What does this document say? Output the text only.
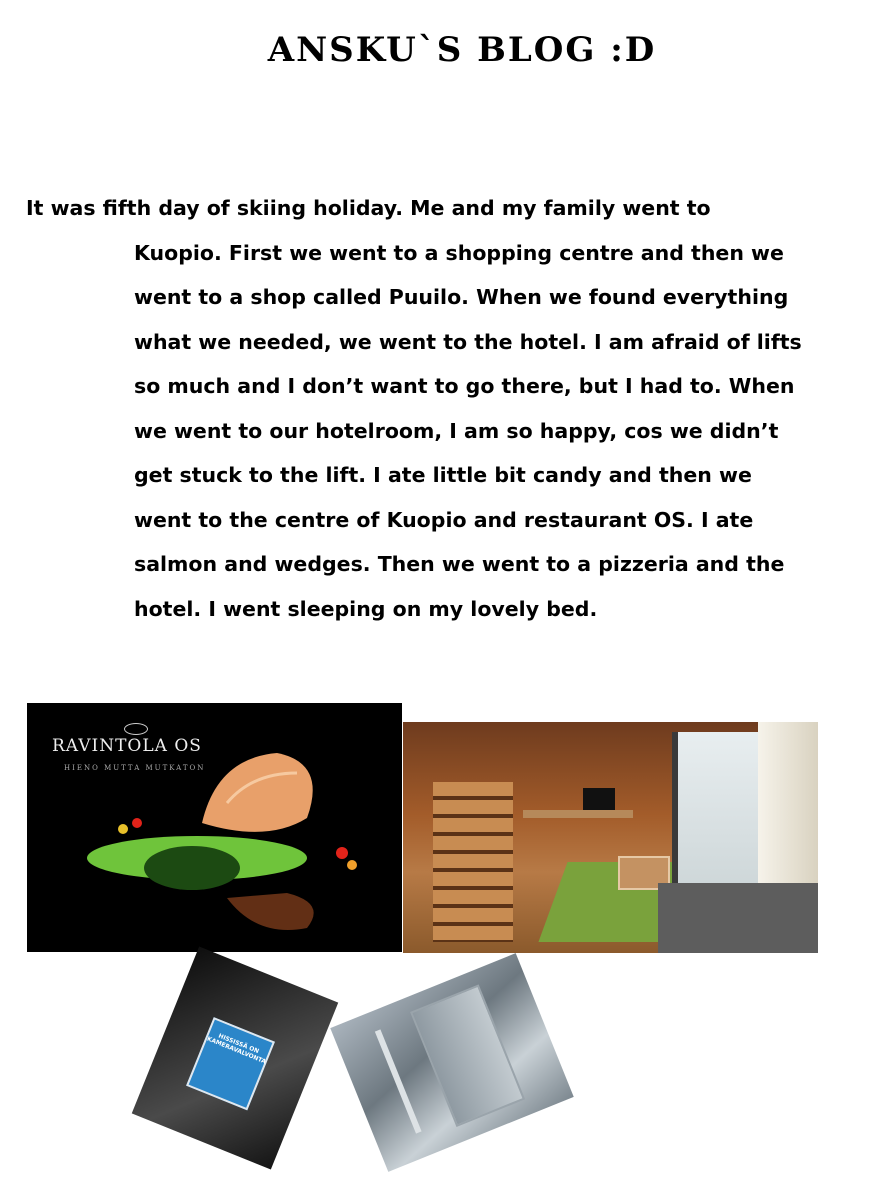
ANSKU`S BLOG :D
It was fifth day of skiing holiday. Me and my family went to
Kuopio. First we went to a shopping centre and then we
went to a shop called Puuilo. When we found everything
what we needed, we went to the hotel. I am afraid of lifts
so much and I don’t want to go there, but I had to. When
we went to our hotelroom, I am so happy, cos we didn’t
get stuck to the lift. I ate little bit candy and then we
went to the centre of Kuopio and restaurant OS. I ate
salmon and wedges. Then we went to a pizzeria and the
hotel. I went sleeping on my lovely bed.
RAVINTOLA OS
HIENO MUTTA MUTKATON
HISSISSÄ ON KAMERAVALVONTA
